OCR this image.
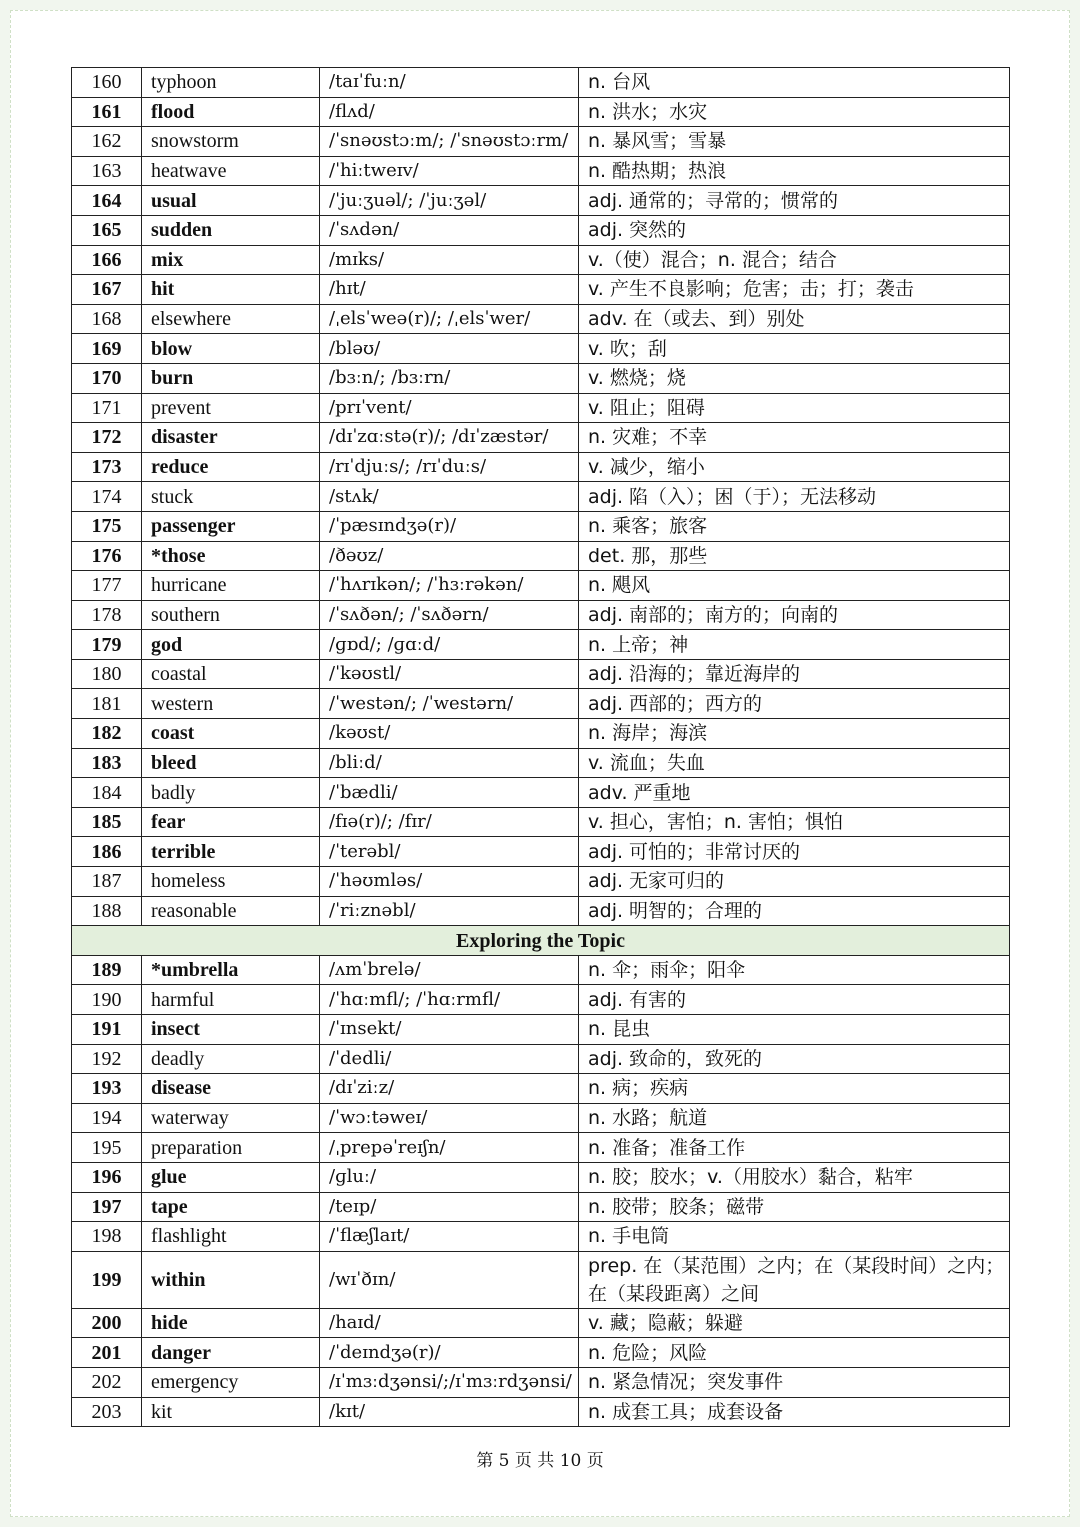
160	typhoon	/taɪˈfuːn/	n. 台风
161	flood	/flʌd/	n. 洪水；水灾
162	snowstorm	/ˈsnəʊstɔːm/; /ˈsnəʊstɔːrm/	n. 暴风雪；雪暴
163	heatwave	/ˈhiːtweɪv/	n. 酷热期；热浪
164	usual	/ˈjuːʒuəl/; /ˈjuːʒəl/	adj. 通常的；寻常的；惯常的
165	sudden	/ˈsʌdən/	adj. 突然的
166	mix	/mɪks/	v.（使）混合；n. 混合；结合
167	hit	/hɪt/	v. 产生不良影响；危害；击；打；袭击
168	elsewhere	/ˌelsˈweə(r)/; /ˌelsˈwer/	adv. 在（或去、到）别处
169	blow	/bləʊ/	v. 吹；刮
170	burn	/bɜːn/; /bɜːrn/	v. 燃烧；烧
171	prevent	/prɪˈvent/	v. 阻止；阻碍
172	disaster	/dɪˈzɑːstə(r)/; /dɪˈzæstər/	n. 灾难；不幸
173	reduce	/rɪˈdjuːs/; /rɪˈduːs/	v. 减少，缩小
174	stuck	/stʌk/	adj. 陷（入）；困（于）；无法移动
175	passenger	/ˈpæsɪndʒə(r)/	n. 乘客；旅客
176	*those	/ðəʊz/	det. 那，那些
177	hurricane	/ˈhʌrɪkən/; /ˈhɜːrəkən/	n. 飓风
178	southern	/ˈsʌðən/; /ˈsʌðərn/	adj. 南部的；南方的；向南的
179	god	/ɡɒd/; /ɡɑːd/	n. 上帝；神
180	coastal	/ˈkəʊstl/	adj. 沿海的；靠近海岸的
181	western	/ˈwestən/; /ˈwestərn/	adj. 西部的；西方的
182	coast	/kəʊst/	n. 海岸；海滨
183	bleed	/bliːd/	v. 流血；失血
184	badly	/ˈbædli/	adv. 严重地
185	fear	/fɪə(r)/; /fɪr/	v. 担心，害怕；n. 害怕；惧怕
186	terrible	/ˈterəbl/	adj. 可怕的；非常讨厌的
187	homeless	/ˈhəʊmləs/	adj. 无家可归的
188	reasonable	/ˈriːznəbl/	adj. 明智的；合理的
Exploring the Topic			
189	*umbrella	/ʌmˈbrelə/	n. 伞；雨伞；阳伞
190	harmful	/ˈhɑːmfl/; /ˈhɑːrmfl/	adj. 有害的
191	insect	/ˈɪnsekt/	n. 昆虫
192	deadly	/ˈdedli/	adj. 致命的，致死的
193	disease	/dɪˈziːz/	n. 病；疾病
194	waterway	/ˈwɔːtəweɪ/	n. 水路；航道
195	preparation	/ˌprepəˈreɪʃn/	n. 准备；准备工作
196	glue	/ɡluː/	n. 胶；胶水；v.（用胶水）黏合，粘牢
197	tape	/teɪp/	n. 胶带；胶条；磁带
198	flashlight	/ˈflæʃlaɪt/	n. 手电筒
199	within	/wɪˈðɪn/	prep. 在（某范围）之内；在（某段时间）之内；在（某段距离）之间
200	hide	/haɪd/	v. 藏；隐蔽；躲避
201	danger	/ˈdeɪndʒə(r)/	n. 危险；风险
202	emergency	/ɪˈmɜːdʒənsi/;/ɪˈmɜːrdʒənsi/	n. 紧急情况；突发事件
203	kit	/kɪt/	n. 成套工具；成套设备
第 5 页 共 10 页
